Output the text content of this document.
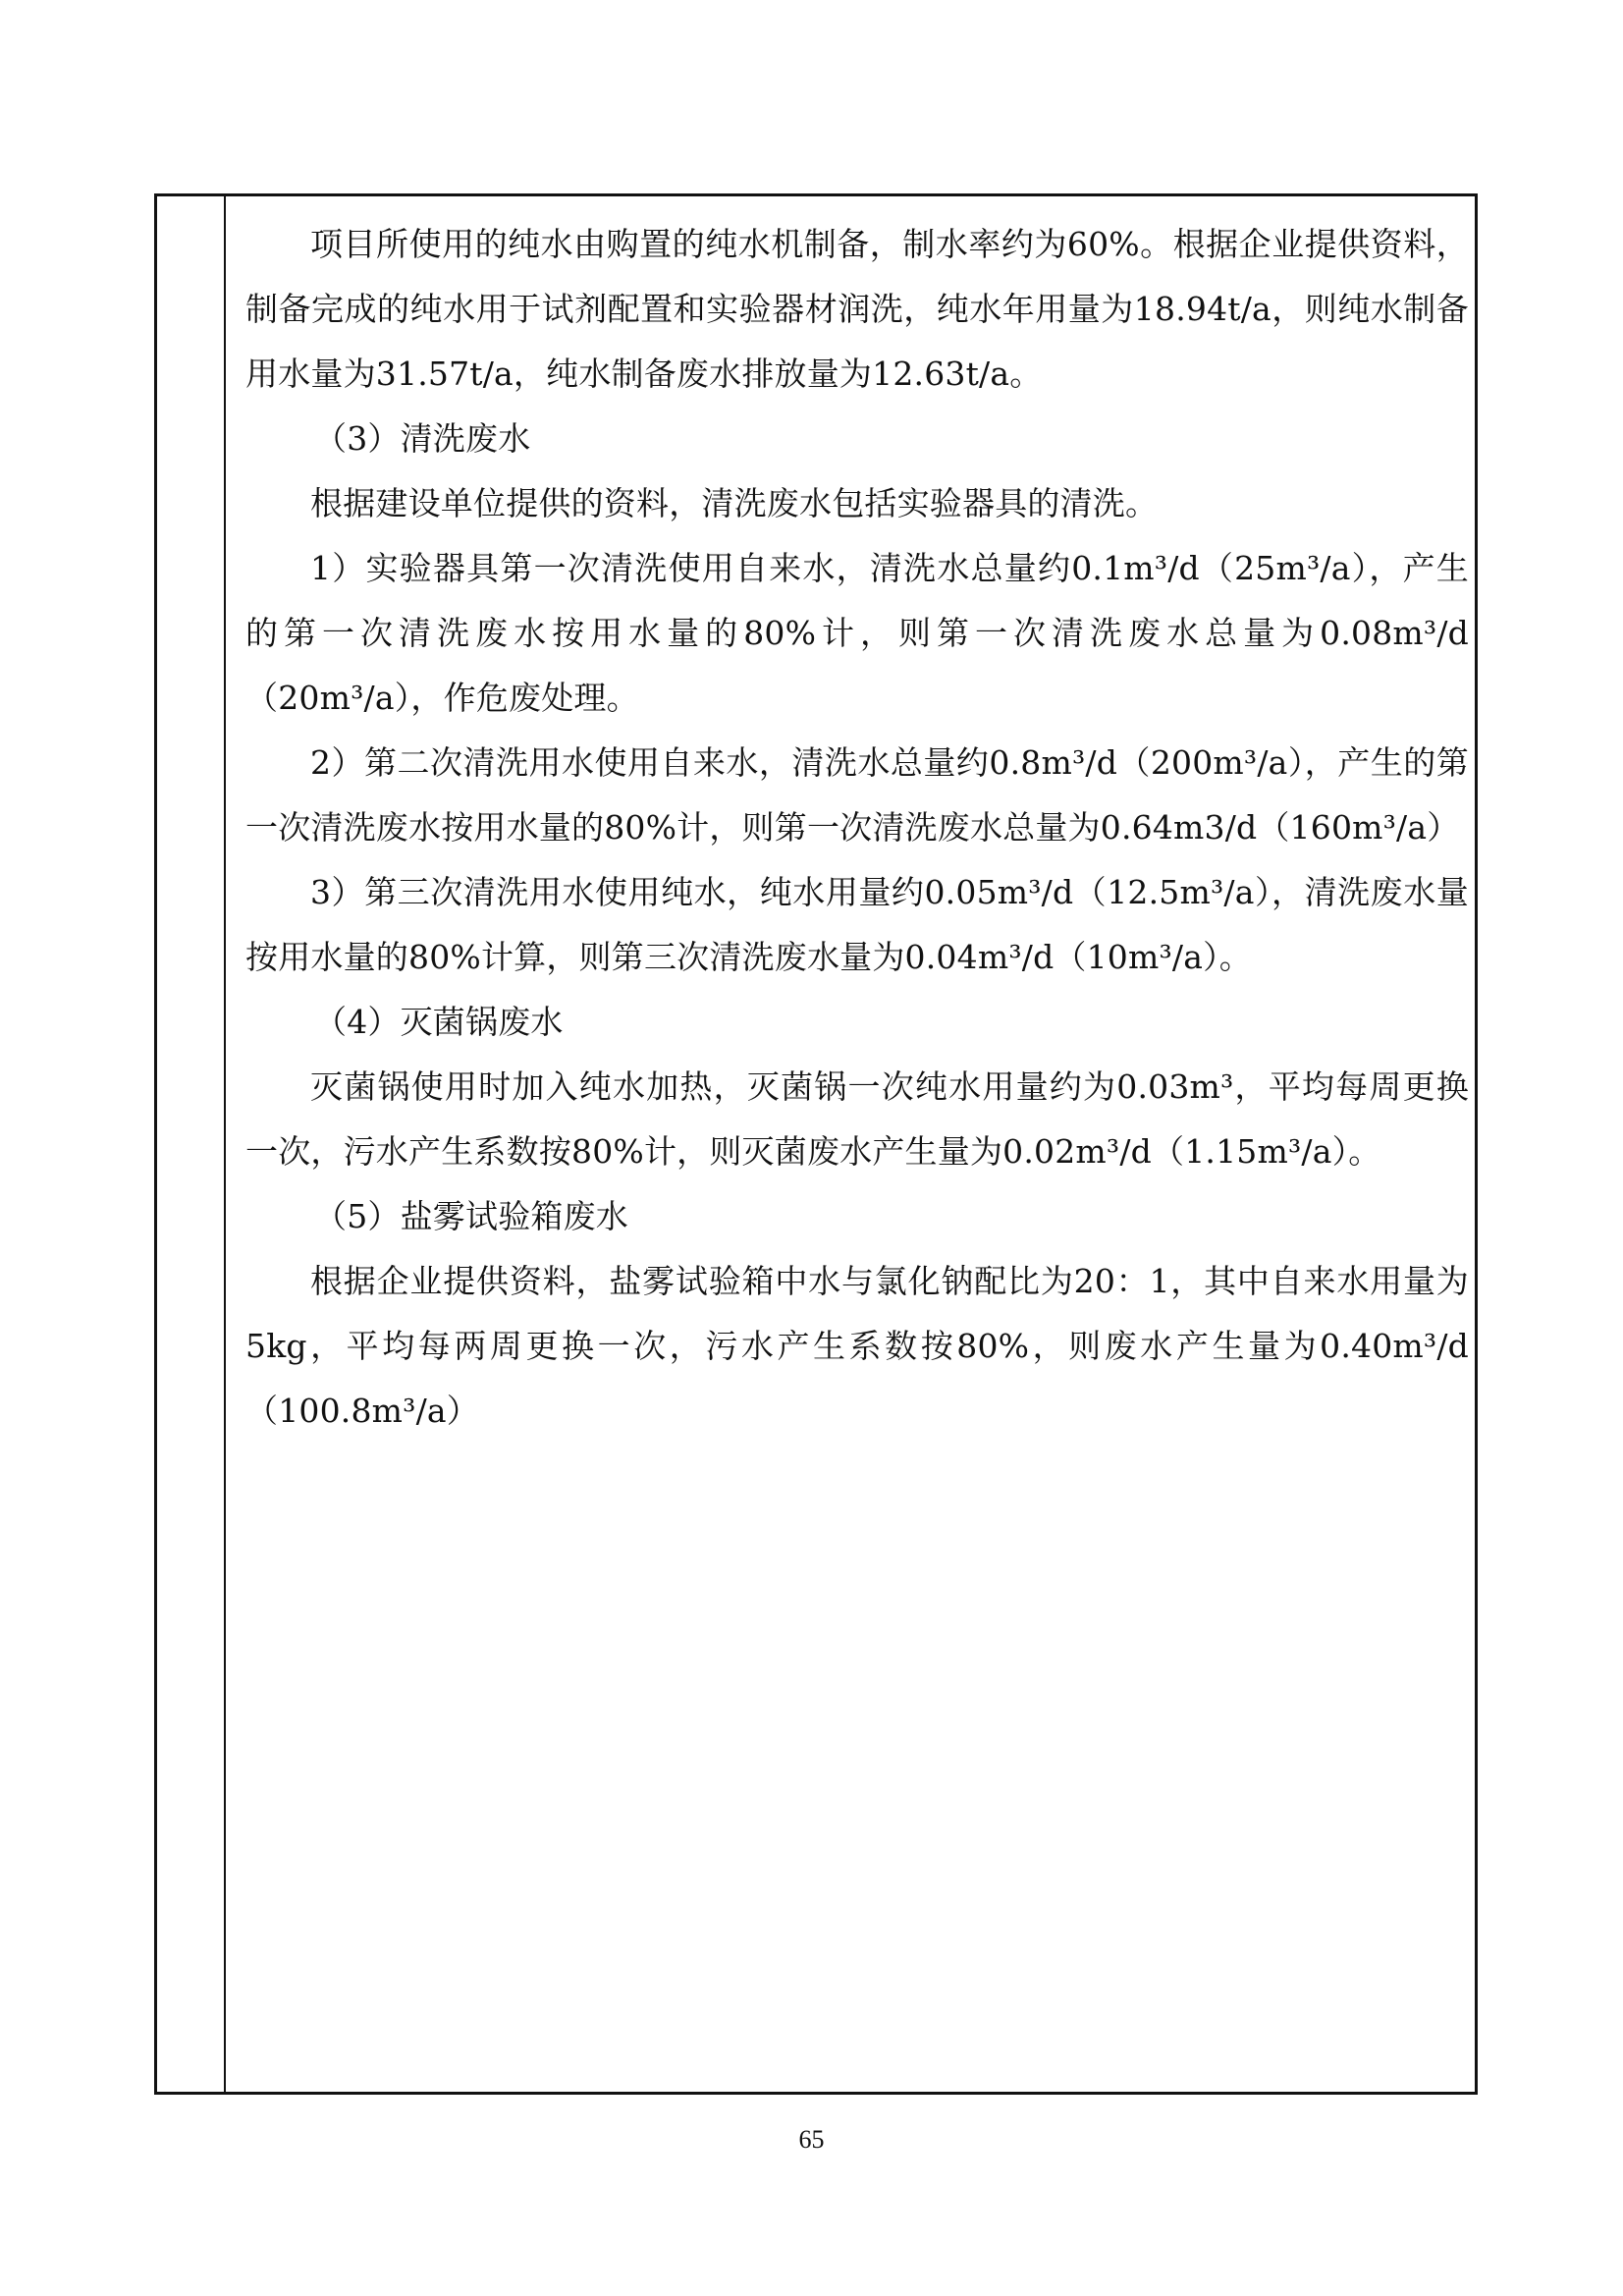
项目所使用的纯水由购置的纯水机制备，制水率约为60%。根据企业提供资料，制备完成的纯水用于试剂配置和实验器材润洗，纯水年用量为18.94t/a，则纯水制备用水量为31.57t/a，纯水制备废水排放量为12.63t/a。

（3）清洗废水

根据建设单位提供的资料，清洗废水包括实验器具的清洗。

1）实验器具第一次清洗使用自来水，清洗水总量约0.1m³/d（25m³/a），产生的第一次清洗废水按用水量的80%计，则第一次清洗废水总量为0.08m³/d（20m³/a），作危废处理。

2）第二次清洗用水使用自来水，清洗水总量约0.8m³/d（200m³/a），产生的第一次清洗废水按用水量的80%计，则第一次清洗废水总量为0.64m3/d（160m³/a）

3）第三次清洗用水使用纯水，纯水用量约0.05m³/d（12.5m³/a），清洗废水量按用水量的80%计算，则第三次清洗废水量为0.04m³/d（10m³/a）。

（4）灭菌锅废水

灭菌锅使用时加入纯水加热，灭菌锅一次纯水用量约为0.03m³，平均每周更换一次，污水产生系数按80%计，则灭菌废水产生量为0.02m³/d（1.15m³/a）。

（5）盐雾试验箱废水

根据企业提供资料，盐雾试验箱中水与氯化钠配比为20：1，其中自来水用量为5kg，平均每两周更换一次，污水产生系数按80%，则废水产生量为0.40m³/d（100.8m³/a）

65
